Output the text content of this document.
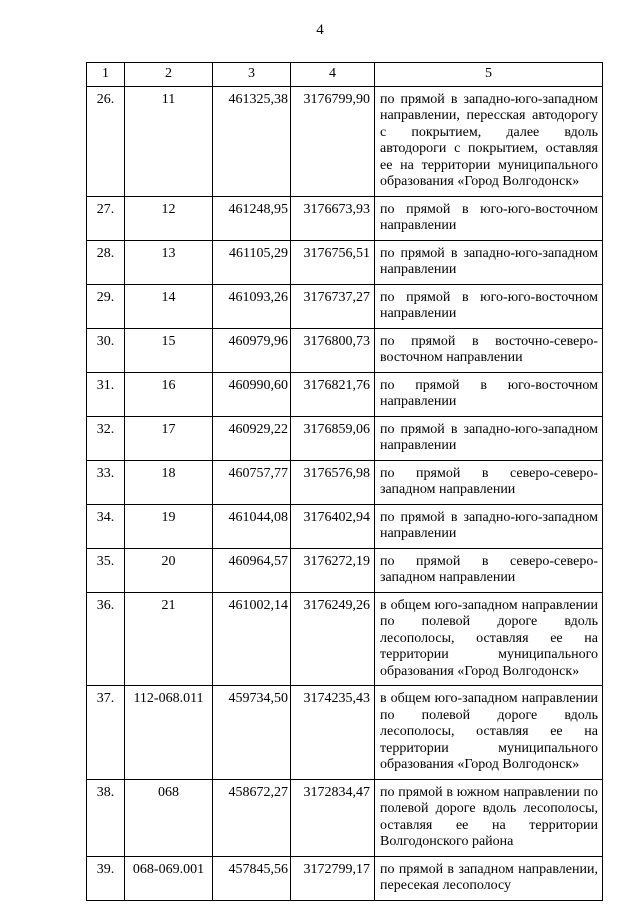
4
1	2	3	4	5
26.	11	461325,38	3176799,90	по прямой в западно-юго-западном направлении, пересская автодорогу с покрытием, далее вдоль автодороги с покрытием, оставляя ее на территории муниципального образования «Город Волгодонск»
27.	12	461248,95	3176673,93	по прямой в юго-юго-восточном направлении
28.	13	461105,29	3176756,51	по прямой в западно-юго-западном направлении
29.	14	461093,26	3176737,27	по прямой в юго-юго-восточном направлении
30.	15	460979,96	3176800,73	по прямой в восточно-северо-восточном направлении
31.	16	460990,60	3176821,76	по прямой в юго-восточном направлении
32.	17	460929,22	3176859,06	по прямой в западно-юго-западном направлении
33.	18	460757,77	3176576,98	по прямой в северо-северо-западном направлении
34.	19	461044,08	3176402,94	по прямой в западно-юго-западном направлении
35.	20	460964,57	3176272,19	по прямой в северо-северо-западном направлении
36.	21	461002,14	3176249,26	в общем юго-западном направлении по полевой дороге вдоль лесополосы, оставляя ее на территории муниципального образования «Город Волгодонск»
37.	112-068.011	459734,50	3174235,43	в общем юго-западном направлении по полевой дороге вдоль лесополосы, оставляя ее на территории муниципального образования «Город Волгодонск»
38.	068	458672,27	3172834,47	по прямой в южном направлении по полевой дороге вдоль лесополосы, оставляя ее на территории Волгодонского района
39.	068-069.001	457845,56	3172799,17	по прямой в западном направлении, пересекая лесополосу
